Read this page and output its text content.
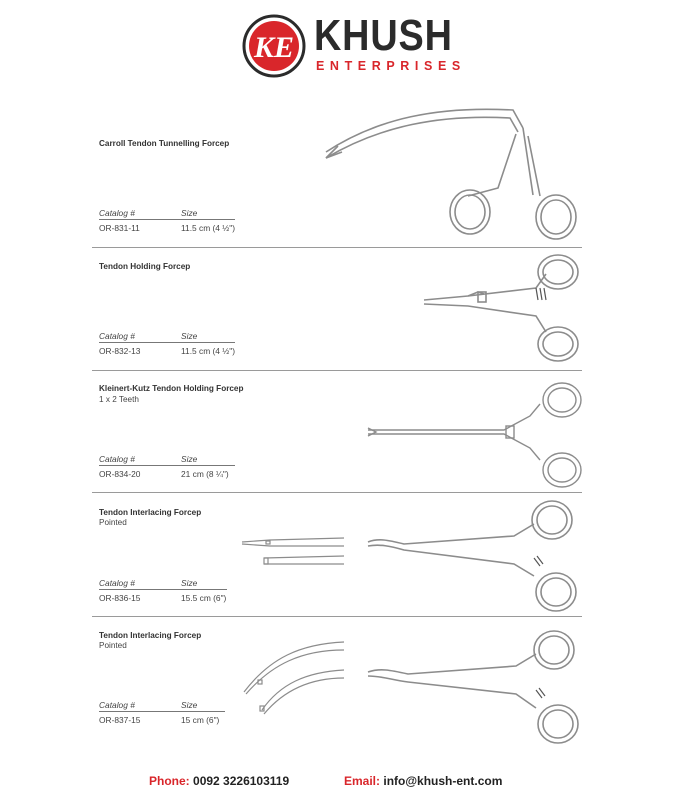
KE KHUSH
ENTERPRISES
Carroll Tendon Tunnelling Forcep
Catalog #	Size
OR-831-11	11.5 cm (4 ½")
Tendon Holding Forcep
Catalog #	Size
OR-832-13	11.5 cm (4 ½")
Kleinert-Kutz Tendon Holding Forcep
1 x 2 Teeth
Catalog #	Size
OR-834-20	21 cm (8 ¼")
Tendon Interlacing Forcep
Pointed
Catalog #	Size
OR-836-15	15.5 cm (6")
Tendon Interlacing Forcep
Pointed
Catalog #	Size
OR-837-15	15 cm (6")
Phone: 0092 3226103119	Email: info@khush-ent.com
